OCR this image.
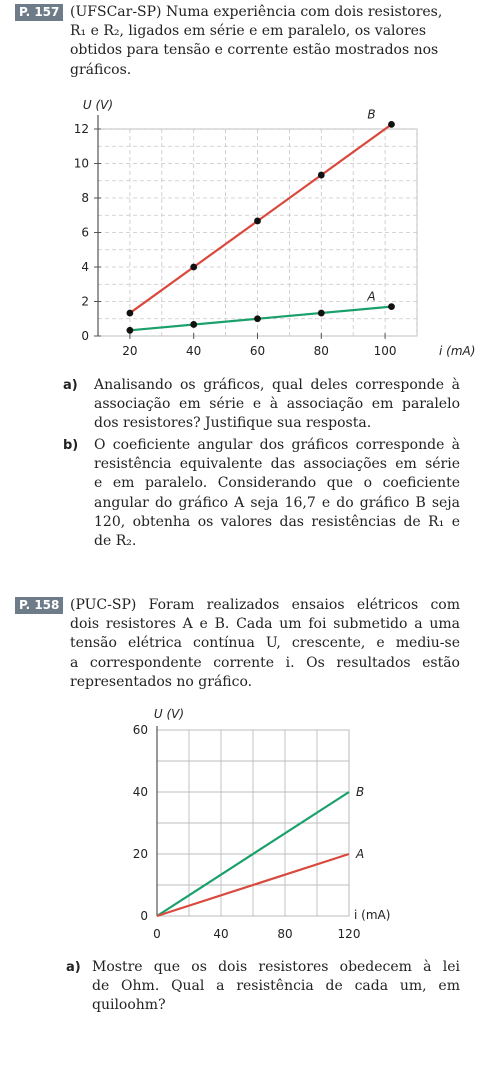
P. 157 (UFSCar-SP) Numa experiência com dois resistores,
R₁ e R₂, ligados em série e em paralelo, os valores
obtidos para tensão e corrente estão mostrados nos
gráficos.
U (V)
0
2
4
6
8
10
12
20	40	60	80	100	i (mA)
B
A
a) Analisando os gráficos, qual deles corresponde à
associação em série e à associação em paralelo
dos resistores? Justifique sua resposta.
b) O coeficiente angular dos gráficos corresponde à
resistência equivalente das associações em série
e em paralelo. Considerando que o coeficiente
angular do gráfico A seja 16,7 e do gráfico B seja
120, obtenha os valores das resistências de R₁ e
de R₂.
P. 158 (PUC-SP) Foram realizados ensaios elétricos com
dois resistores A e B. Cada um foi submetido a uma
tensão elétrica contínua U, crescente, e mediu-se
a correspondente corrente i. Os resultados estão
representados no gráfico.
U (V)
0
20
40
60
0	40	80	120
i (mA)
B
A
a) Mostre que os dois resistores obedecem à lei
de Ohm. Qual a resistência de cada um, em
quiloohm?
